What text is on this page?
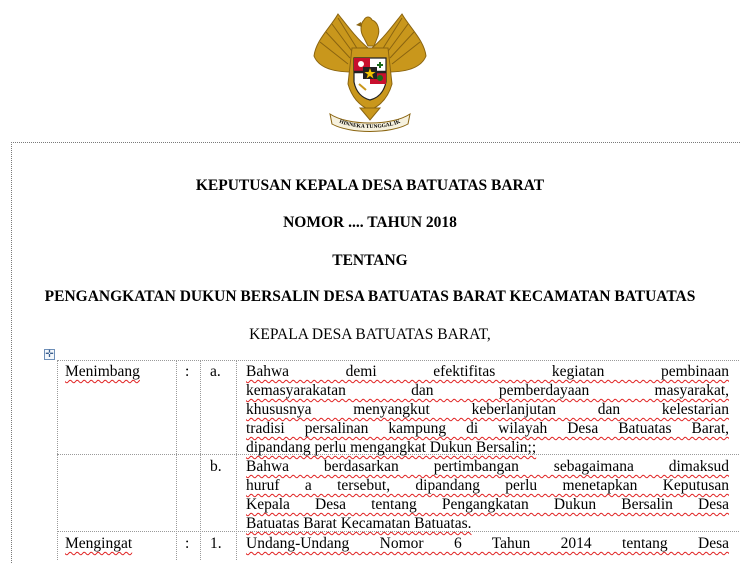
HINNEKA TUNGGAL IK
KEPUTUSAN KEPALA DESA BATUATAS BARAT
NOMOR .... TAHUN 2018
TENTANG
PENGANGKATAN DUKUN BERSALIN DESA BATUATAS BARAT KECAMATAN BATUATAS
KEPALA DESA BATUATAS BARAT,
✛
Menimbang	: a. Bahwa demi efektifitas kegiatan pembinaan
kemasyarakatan dan pemberdayaan masyarakat,
khususnya menyangkut keberlanjutan dan kelestarian
tradisi persalinan kampung di wilayah Desa Batuatas Barat,
dipandang perlu mengangkat Dukun Bersalin;;
b. Bahwa berdasarkan pertimbangan sebagaimana dimaksud
huruf a tersebut, dipandang perlu menetapkan Keputusan
Kepala Desa tentang Pengangkatan Dukun Bersalin Desa
Batuatas Barat Kecamatan Batuatas.
Mengingat	: 1. Undang-Undang Nomor 6 Tahun 2014 tentang Desa
